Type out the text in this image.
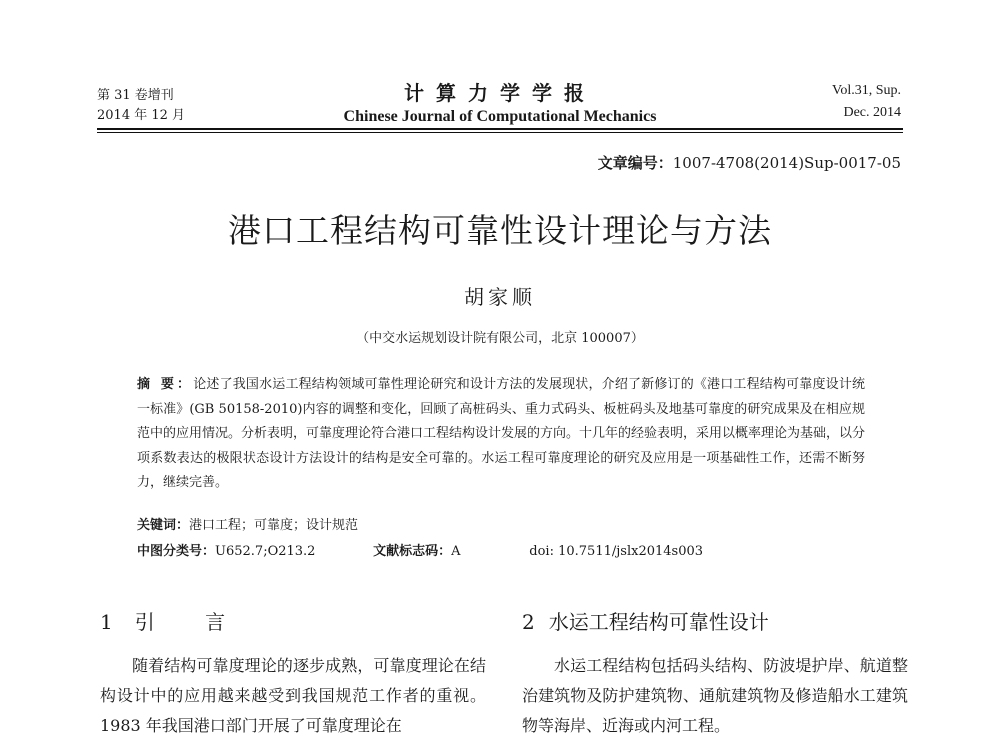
第 31 卷增刊
2014 年 12 月
计算力学学报
Chinese Journal of Computational Mechanics
Vol.31, Sup.
Dec. 2014
文章编号：1007-4708(2014)Sup-0017-05
港口工程结构可靠性设计理论与方法
胡家顺
（中交水运规划设计院有限公司，北京 100007）
摘 要：论述了我国水运工程结构领域可靠性理论研究和设计方法的发展现状，介绍了新修订的《港口工程结构可靠度设计统一标准》(GB 50158-2010)内容的调整和变化，回顾了高桩码头、重力式码头、板桩码头及地基可靠度的研究成果及在相应规范中的应用情况。分析表明，可靠度理论符合港口工程结构设计发展的方向。十几年的经验表明，采用以概率理论为基础，以分项系数表达的极限状态设计方法设计的结构是安全可靠的。水运工程可靠度理论的研究及应用是一项基础性工作，还需不断努力，继续完善。
关键词：港口工程；可靠度；设计规范
中图分类号：U652.7;O213.2	文献标志码：A	doi: 10.7511/jslx2014s003
1 引 言	2 水运工程结构可靠性设计
随着结构可靠度理论的逐步成熟，可靠度理论在结构设计中的应用越来越受到我国规范工作者的重视。1983 年我国港口部门开展了可靠度理论在
水运工程结构包括码头结构、防波堤护岸、航道整治建筑物及防护建筑物、通航建筑物及修造船水工建筑物等海岸、近海或内河工程。
